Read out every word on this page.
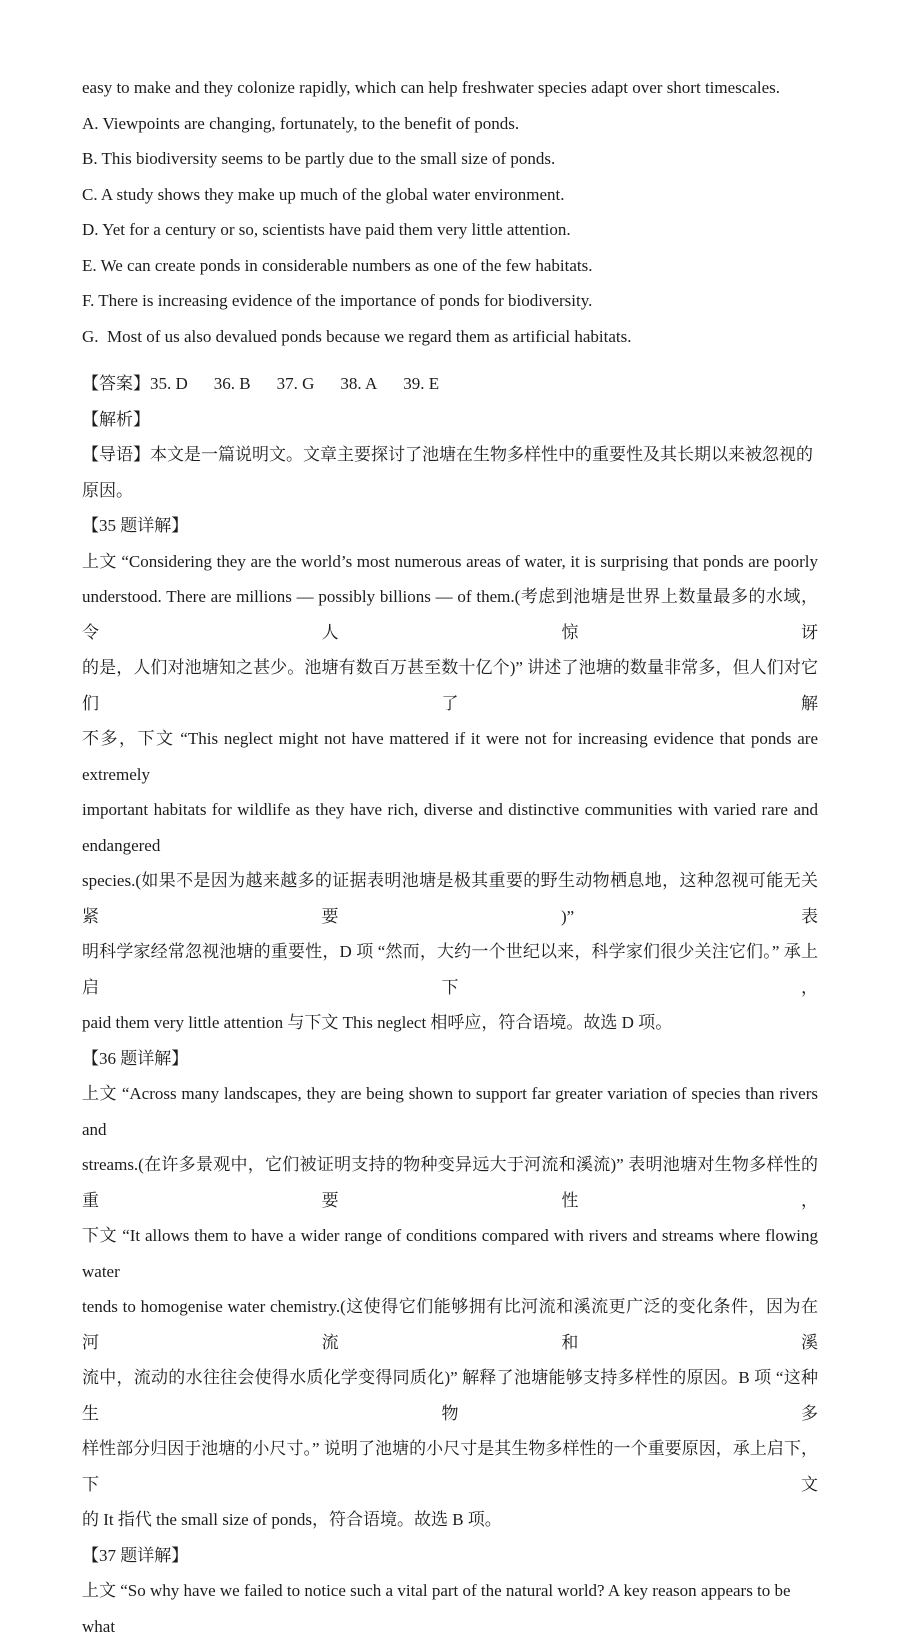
easy to make and they colonize rapidly, which can help freshwater species adapt over short timescales.
A. Viewpoints are changing, fortunately, to the benefit of ponds.
B. This biodiversity seems to be partly due to the small size of ponds.
C. A study shows they make up much of the global water environment.
D. Yet for a century or so, scientists have paid them very little attention.
E. We can create ponds in considerable numbers as one of the few habitats.
F. There is increasing evidence of the importance of ponds for biodiversity.
G.  Most of us also devalued ponds because we regard them as artificial habitats.
【答案】35. D 36. B 37. G 38. A 39. E
【解析】
【导语】本文是一篇说明文。文章主要探讨了池塘在生物多样性中的重要性及其长期以来被忽视的原因。
【35 题详解】
上文 “Considering they are the world’s most numerous areas of water, it is surprising that ponds are poorly
understood. There are millions — possibly billions — of them.(考虑到池塘是世界上数量最多的水域，令人惊讶
的是，人们对池塘知之甚少。池塘有数百万甚至数十亿个)” 讲述了池塘的数量非常多，但人们对它们了解
不多，下文 “This neglect might not have mattered if it were not for increasing evidence that ponds are extremely
important habitats for wildlife as they have rich, diverse and distinctive communities with varied rare and endangered
species.(如果不是因为越来越多的证据表明池塘是极其重要的野生动物栖息地，这种忽视可能无关紧要)” 表
明科学家经常忽视池塘的重要性，D 项 “然而，大约一个世纪以来，科学家们很少关注它们。” 承上启下，
paid them very little attention 与下文 This neglect 相呼应，符合语境。故选 D 项。
【36 题详解】
上文 “Across many landscapes, they are being shown to support far greater variation of species than rivers and
streams.(在许多景观中，它们被证明支持的物种变异远大于河流和溪流)” 表明池塘对生物多样性的重要性，
下文 “It allows them to have a wider range of conditions compared with rivers and streams where flowing water
tends to homogenise water chemistry.(这使得它们能够拥有比河流和溪流更广泛的变化条件，因为在河流和溪
流中，流动的水往往会使得水质化学变得同质化)” 解释了池塘能够支持多样性的原因。B 项 “这种生物多
样性部分归因于池塘的小尺寸。” 说明了池塘的小尺寸是其生物多样性的一个重要原因，承上启下，下文
的 It 指代 the small size of ponds，符合语境。故选 B 项。
【37 题详解】
上文 “So why have we failed to notice such a vital part of the natural world? A key reason appears to be what
